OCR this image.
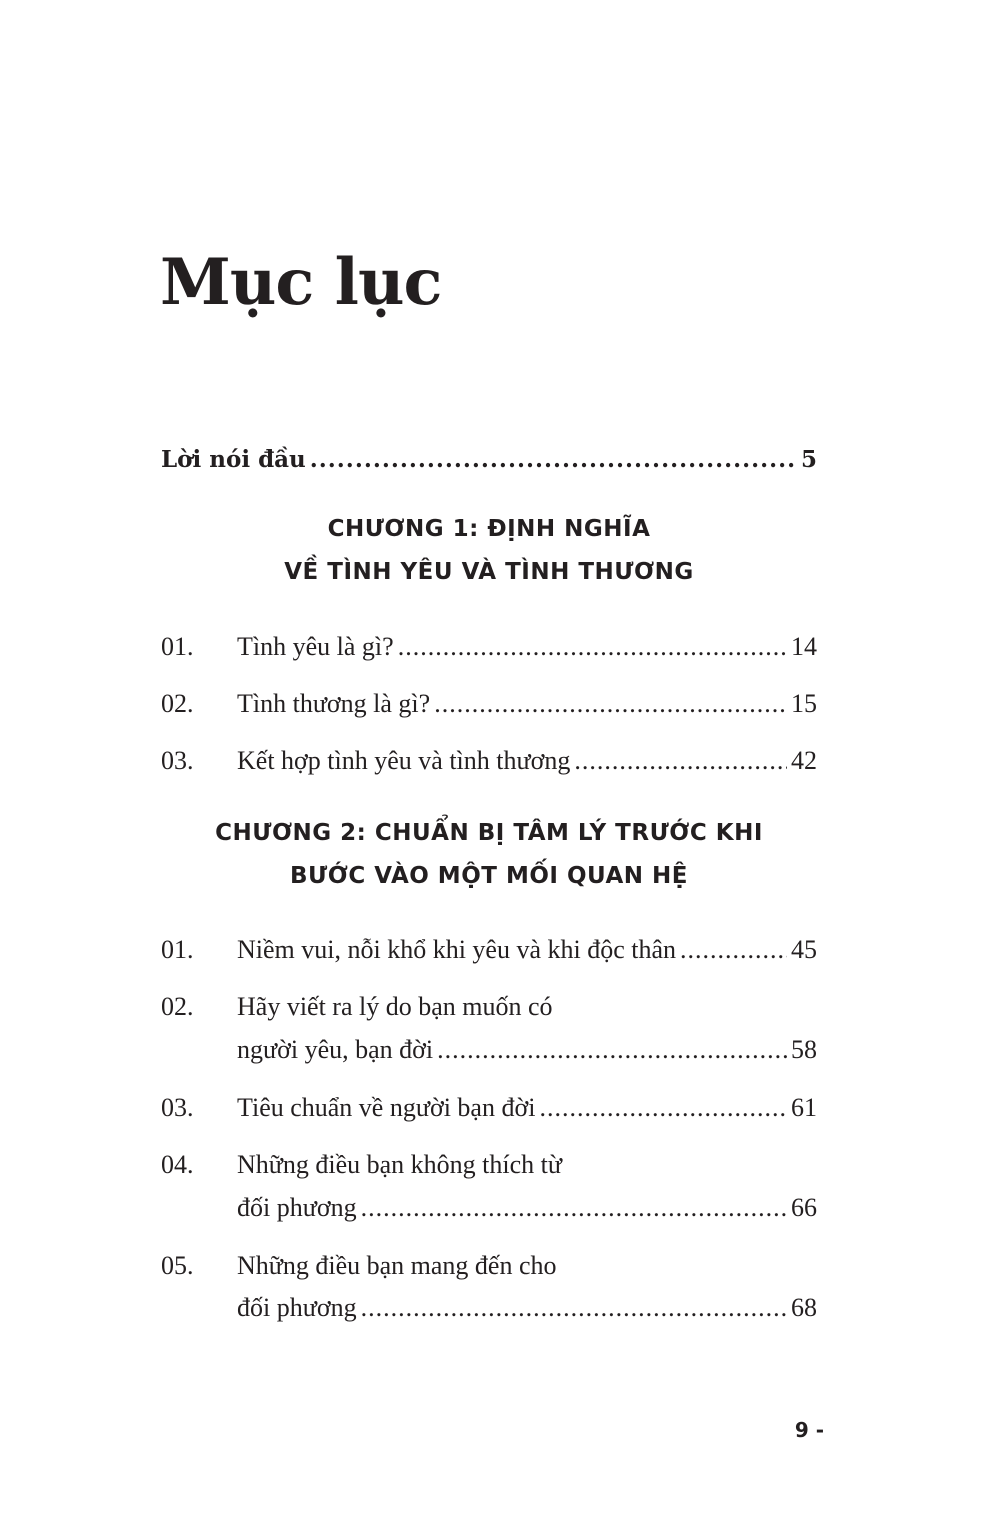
Mục lục
Lời nói đầu .....	5
CHƯƠNG 1: ĐỊNH NGHĨA
VỀ TÌNH YÊU VÀ TÌNH THƯƠNG
01.	Tình yêu là gì? .....	14
02.	Tình thương là gì? .....	15
03.	Kết hợp tình yêu và tình thương .....	42
CHƯƠNG 2: CHUẨN BỊ TÂM LÝ TRƯỚC KHI
BƯỚC VÀO MỘT MỐI QUAN HỆ
01.	Niềm vui, nỗi khổ khi yêu và khi độc thân .....	45
02.	Hãy viết ra lý do bạn muốn có
người yêu, bạn đời .....	58
03.	Tiêu chuẩn về người bạn đời .....	61
04.	Những điều bạn không thích từ
đối phương .....	66
05.	Những điều bạn mang đến cho
đối phương .....	68
9 -
